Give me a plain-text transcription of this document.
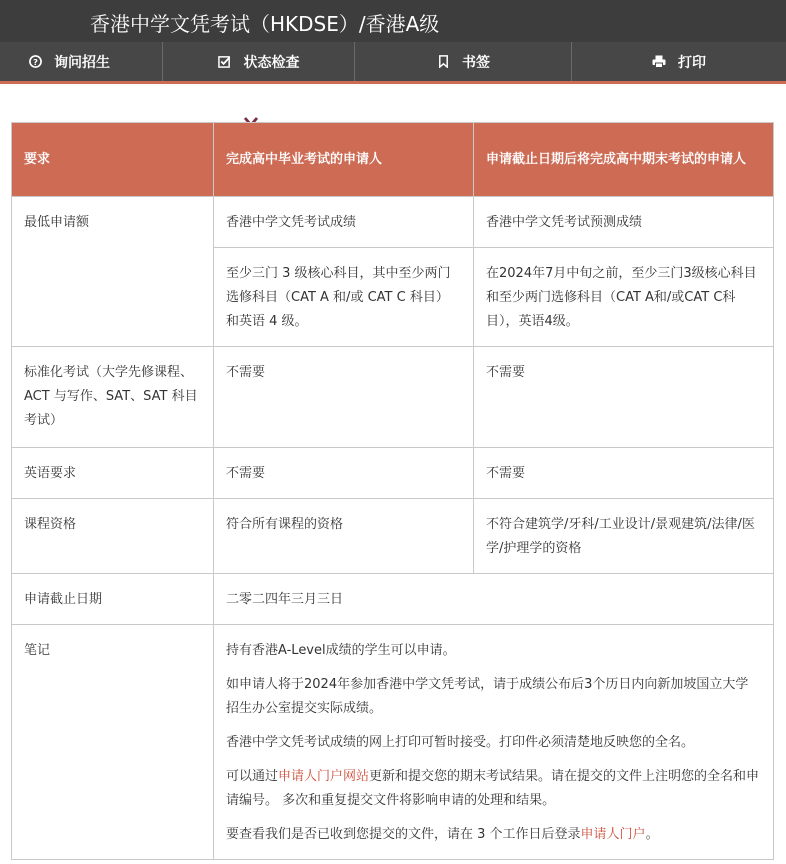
香港中学文凭考试（HKDSE）/香港A级
? 询问招生	状态检查	书签	打印
要求	完成高中毕业考试的申请人	申请截止日期后将完成高中期末考试的申请人
最低申请额	香港中学文凭考试成绩	香港中学文凭考试预测成绩
	至少三门 3 级核心科目，其中至少两门选修科目（CAT A 和/或 CAT C 科目）和英语 4 级。	在2024年7月中旬之前，至少三门3级核心科目和至少两门选修科目（CAT A和/或CAT C科目），英语4级。
标准化考试（大学先修课程、ACT 与写作、SAT、SAT 科目考试）	不需要	不需要
英语要求	不需要	不需要
课程资格	符合所有课程的资格	不符合建筑学/牙科/工业设计/景观建筑/法律/医学/护理学的资格
申请截止日期	二零二四年三月三日	
笔记	持有香港A-Level成绩的学生可以申请。

如申请人将于2024年参加香港中学文凭考试，请于成绩公布后3个历日内向新加坡国立大学招生办公室提交实际成绩。

香港中学文凭考试成绩的网上打印可暂时接受。打印件必须清楚地反映您的全名。

可以通过申请人门户网站更新和提交您的期末考试结果。请在提交的文件上注明您的全名和申请编号。 多次和重复提交文件将影响申请的处理和结果。

要查看我们是否已收到您提交的文件，请在 3 个工作日后登录申请人门户。	
